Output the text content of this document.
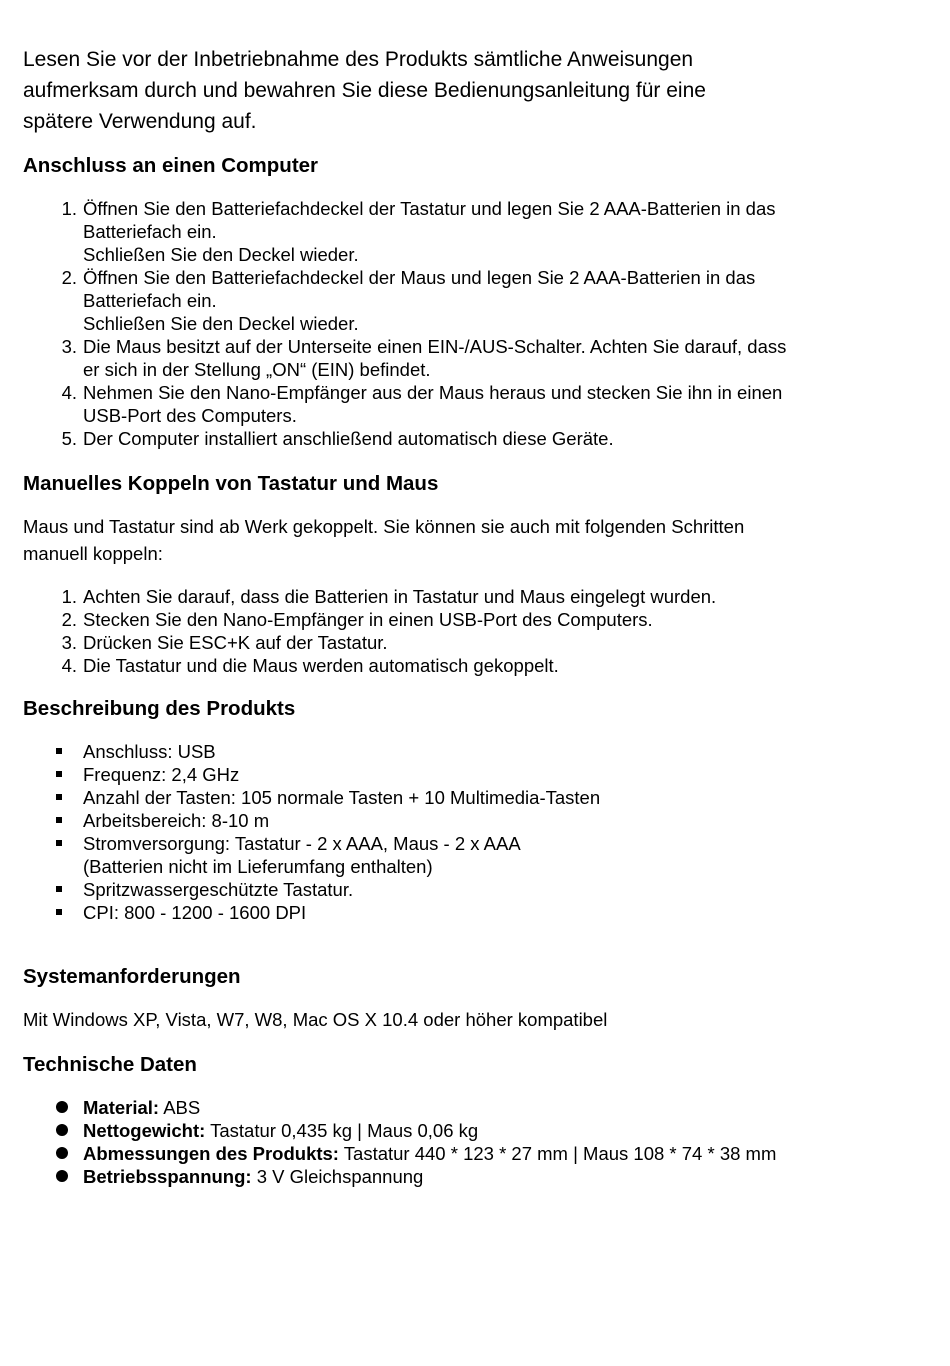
Lesen Sie vor der Inbetriebnahme des Produkts sämtliche Anweisungen
aufmerksam durch und bewahren Sie diese Bedienungsanleitung für eine
spätere Verwendung auf.
Anschluss an einen Computer
1. Öffnen Sie den Batteriefachdeckel der Tastatur und legen Sie 2 AAA-Batterien in das
Batteriefach ein.
Schließen Sie den Deckel wieder.
2. Öffnen Sie den Batteriefachdeckel der Maus und legen Sie 2 AAA-Batterien in das
Batteriefach ein.
Schließen Sie den Deckel wieder.
3. Die Maus besitzt auf der Unterseite einen EIN-/AUS-Schalter. Achten Sie darauf, dass
er sich in der Stellung „ON“ (EIN) befindet.
4. Nehmen Sie den Nano-Empfänger aus der Maus heraus und stecken Sie ihn in einen
USB-Port des Computers.
5. Der Computer installiert anschließend automatisch diese Geräte.
Manuelles Koppeln von Tastatur und Maus

Maus und Tastatur sind ab Werk gekoppelt. Sie können sie auch mit folgenden Schritten
manuell koppeln:

1. Achten Sie darauf, dass die Batterien in Tastatur und Maus eingelegt wurden.
2. Stecken Sie den Nano-Empfänger in einen USB-Port des Computers.
3. Drücken Sie ESC+K auf der Tastatur.
4. Die Tastatur und die Maus werden automatisch gekoppelt.
Beschreibung des Produkts
Anschluss: USB
Frequenz: 2,4 GHz
Anzahl der Tasten: 105 normale Tasten + 10 Multimedia-Tasten
Arbeitsbereich: 8-10 m
Stromversorgung: Tastatur - 2 x AAA, Maus - 2 x AAA
(Batterien nicht im Lieferumfang enthalten)
Spritzwassergeschützte Tastatur.
CPI: 800 - 1200 - 1600 DPI
Systemanforderungen

Mit Windows XP, Vista, W7, W8, Mac OS X 10.4 oder höher kompatibel

Technische Daten
Material: ABS
Nettogewicht: Tastatur 0,435 kg | Maus 0,06 kg
Abmessungen des Produkts: Tastatur 440 * 123 * 27 mm | Maus 108 * 74 * 38 mm
Betriebsspannung: 3 V Gleichspannung
